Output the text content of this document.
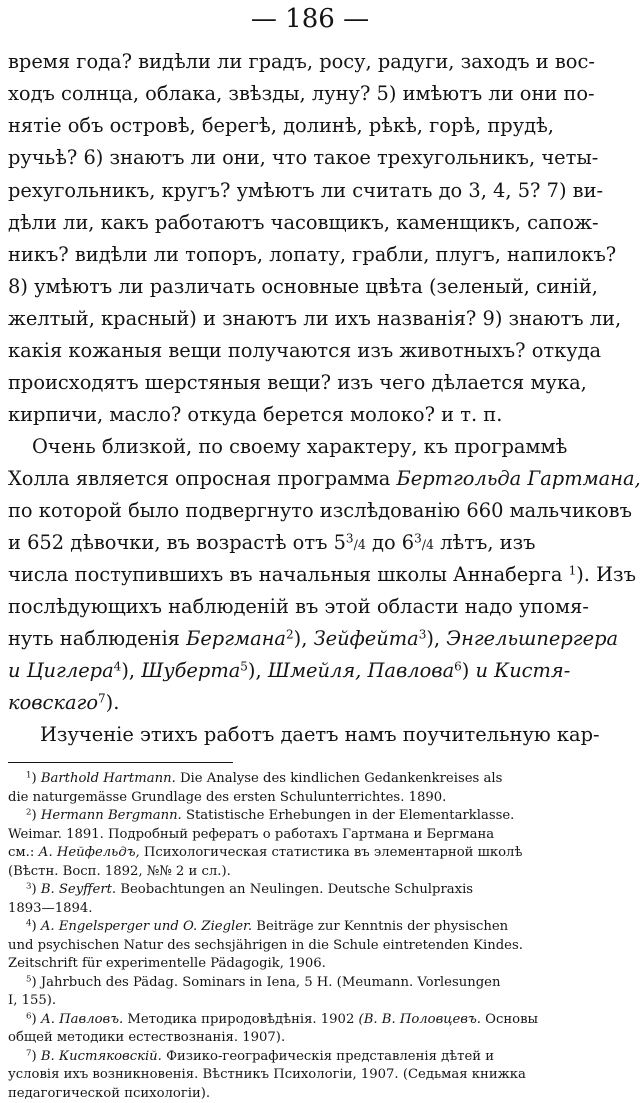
— 186 —
время года? видѣли ли градъ, росу, радуги, заходъ и вос-
ходъ солнца, облака, звѣзды, луну? 5) имѣютъ ли они по-
нятіе объ островѣ, берегѣ, долинѣ, рѣкѣ, горѣ, прудѣ,
ручьѣ? 6) знаютъ ли они, что такое трехугольникъ, четы-
рехугольникъ, кругъ? умѣютъ ли считать до 3, 4, 5? 7) ви-
дѣли ли, какъ работаютъ часовщикъ, каменщикъ, сапож-
никъ? видѣли ли топоръ, лопату, грабли, плугъ, напилокъ?
8) умѣютъ ли различать основные цвѣта (зеленый, синій,
желтый, красный) и знаютъ ли ихъ названія? 9) знаютъ ли,
какія кожаныя вещи получаются изъ животныхъ? откуда
происходятъ шерстяныя вещи? изъ чего дѣлается мука,
кирпичи, масло? откуда берется молоко? и т. п.
Очень близкой, по своему характеру, къ программѣ
Холла является опросная программа Бертгольда Гартмана,
по которой было подвергнуто изслѣдованію 660 мальчиковъ
и 652 дѣвочки, въ возрастѣ отъ $5^3/4$ до $6^3/4$ лѣтъ, изъ
числа поступившихъ въ начальныя школы Аннаберга $^1$). Изъ
послѣдующихъ наблюденій въ этой области надо упомя-
нуть наблюденія Бергмана$^2$), Зейфейта$^3$), Энгельшпергера
и Циглера$^4$), Шуберта$^5$), Шмейля, Павлова$^6$) и Кистя-
ковскаго$^7$).
Изученіе этихъ работъ даетъ намъ поучительную кар-
$^1$) Barthold Hartmann. Die Analyse des kindlichen Gedankenkreises als
die naturgemässe Grundlage des ersten Schulunterrichtes. 1890.
$^2$) Hermann Bergmann. Statistische Erhebungen in der Elementarklasse.
Weimar. 1891. Подробный рефератъ о работахъ Гартмана и Бергмана
см.: А. Нейфельдъ, Психологическая статистика въ элементарной школѣ
(Вѣстн. Восп. 1892, №№ 2 и сл.).
$^3$) B. Seyffert. Beobachtungen an Neulingen. Deutsche Schulpraxis
1893—1894.
$^4$) A. Engelsperger und O. Ziegler. Beiträge zur Kenntnis der physischen
und psychischen Natur des sechsjährigen in die Schule eintretenden Kindes.
Zeitschrift für experimentelle Pädagogik, 1906.
$^5$) Jahrbuch des Pädag. Sominars in Iena, 5 H. (Meumann. Vorlesungen
I, 155).
$^6$) А. Павловъ. Методика природовѣдѣнія. 1902 (В. В. Половцевъ. Основы
общей методики естествознанія. 1907).
$^7$) В. Кистяковскій. Физико-географическія представленія дѣтей и
условія ихъ возникновенія. Вѣстникъ Психологіи, 1907. (Седьмая книжка
педагогической психологіи).
